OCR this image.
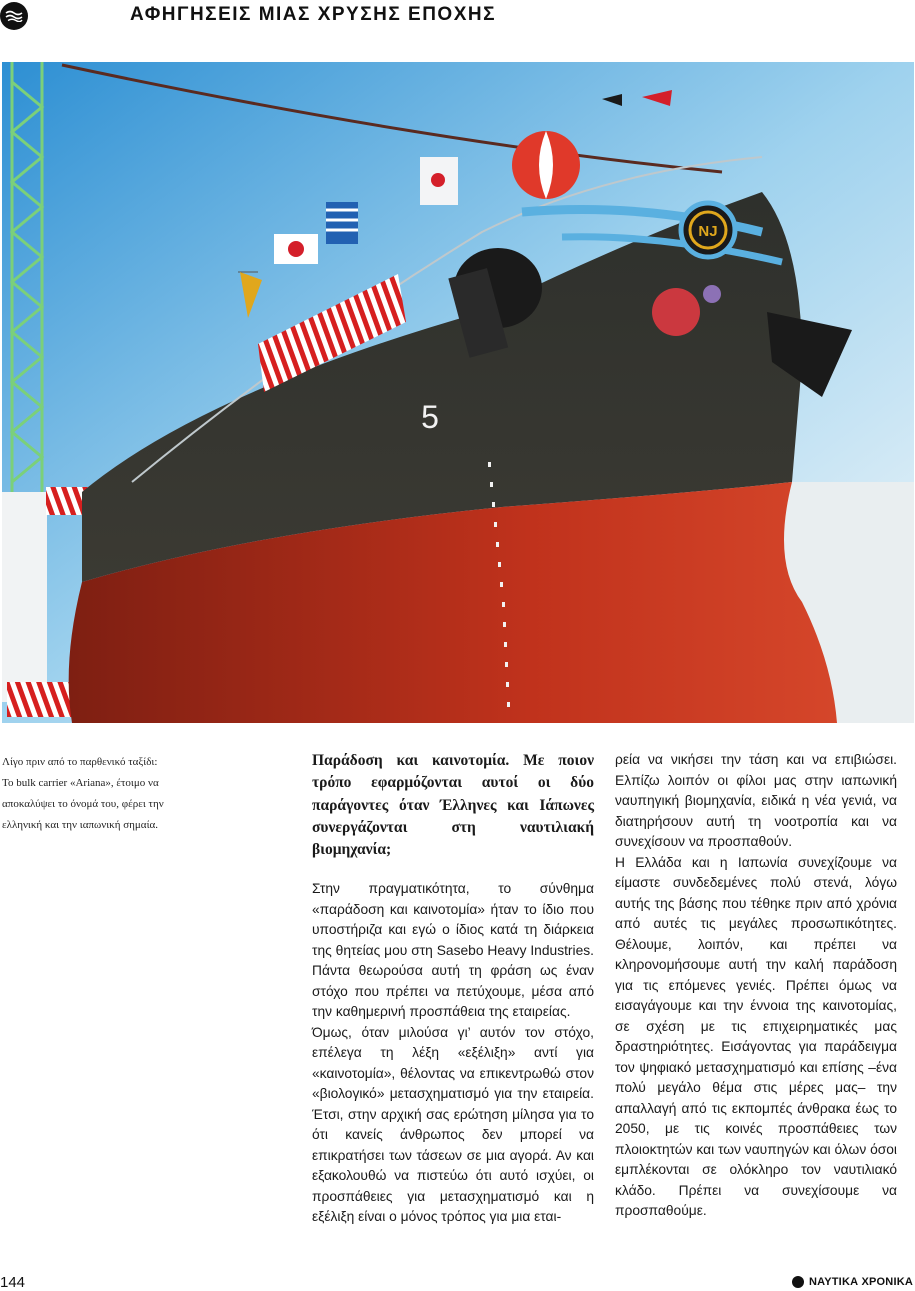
ΑΦΗΓΗΣΕΙΣ ΜΙΑΣ ΧΡΥΣΗΣ ΕΠΟΧΗΣ
NJ
5
Λίγο πριν από το παρθενικό ταξίδι:
Το bulk carrier «Ariana», έτοιμο να
αποκαλύψει το όνομά του, φέρει την
ελληνική και την ιαπωνική σημαία.
Παράδοση και καινοτομία. Με ποιον τρόπο εφαρμόζονται αυτοί οι δύο παράγοντες όταν Έλληνες και Ιάπωνες συνεργάζονται στη ναυτιλιακή βιομηχανία;

Στην πραγματικότητα, το σύνθημα «παράδοση και καινοτομία» ήταν το ίδιο που υποστήριζα και εγώ ο ίδιος κατά τη διάρκεια της θητείας μου στη Sasebo Heavy Industries. Πάντα θεωρούσα αυτή τη φράση ως έναν στόχο που πρέπει να πετύχουμε, μέσα από την καθημερινή προσπάθεια της εταιρείας.

Όμως, όταν μιλούσα γι’ αυτόν τον στόχο, επέλεγα τη λέξη «εξέλιξη» αντί για «καινοτομία», θέλοντας να επικεντρωθώ στον «βιολογικό» μετασχηματισμό για την εταιρεία. Έτσι, στην αρχική σας ερώτηση μίλησα για το ότι κανείς άνθρωπος δεν μπορεί να επικρατήσει των τάσεων σε μια αγορά. Αν και εξακολουθώ να πιστεύω ότι αυτό ισχύει, οι προσπάθειες για μετασχηματισμό και η εξέλιξη είναι ο μόνος τρόπος για μια εται-

ρεία να νικήσει την τάση και να επιβιώσει. Ελπίζω λοιπόν οι φίλοι μας στην ιαπωνική ναυπηγική βιομηχανία, ειδικά η νέα γενιά, να διατηρήσουν αυτή τη νοοτροπία και να συνεχίσουν να προσπαθούν.

Η Ελλάδα και η Ιαπωνία συνεχίζουμε να είμαστε συνδεδεμένες πολύ στενά, λόγω αυτής της βάσης που τέθηκε πριν από χρόνια από αυτές τις μεγάλες προσωπικότητες. Θέλουμε, λοιπόν, και πρέπει να κληρονομήσουμε αυτή την καλή παράδοση για τις επόμενες γενιές. Πρέπει όμως να εισαγάγουμε και την έννοια της καινοτομίας, σε σχέση με τις επιχειρηματικές μας δραστηριότητες. Εισάγοντας για παράδειγμα τον ψηφιακό μετασχηματισμό και επίσης –ένα πολύ μεγάλο θέμα στις μέρες μας– την απαλλαγή από τις εκπομπές άνθρακα έως το 2050, με τις κοινές προσπάθειες των πλοιοκτητών και των ναυπηγών και όλων όσοι εμπλέκονται σε ολόκληρο τον ναυτιλιακό κλάδο. Πρέπει να συνεχίσουμε να προσπαθούμε.

144	ΝΑΥΤΙΚΑ ΧΡΟΝΙΚΑ
